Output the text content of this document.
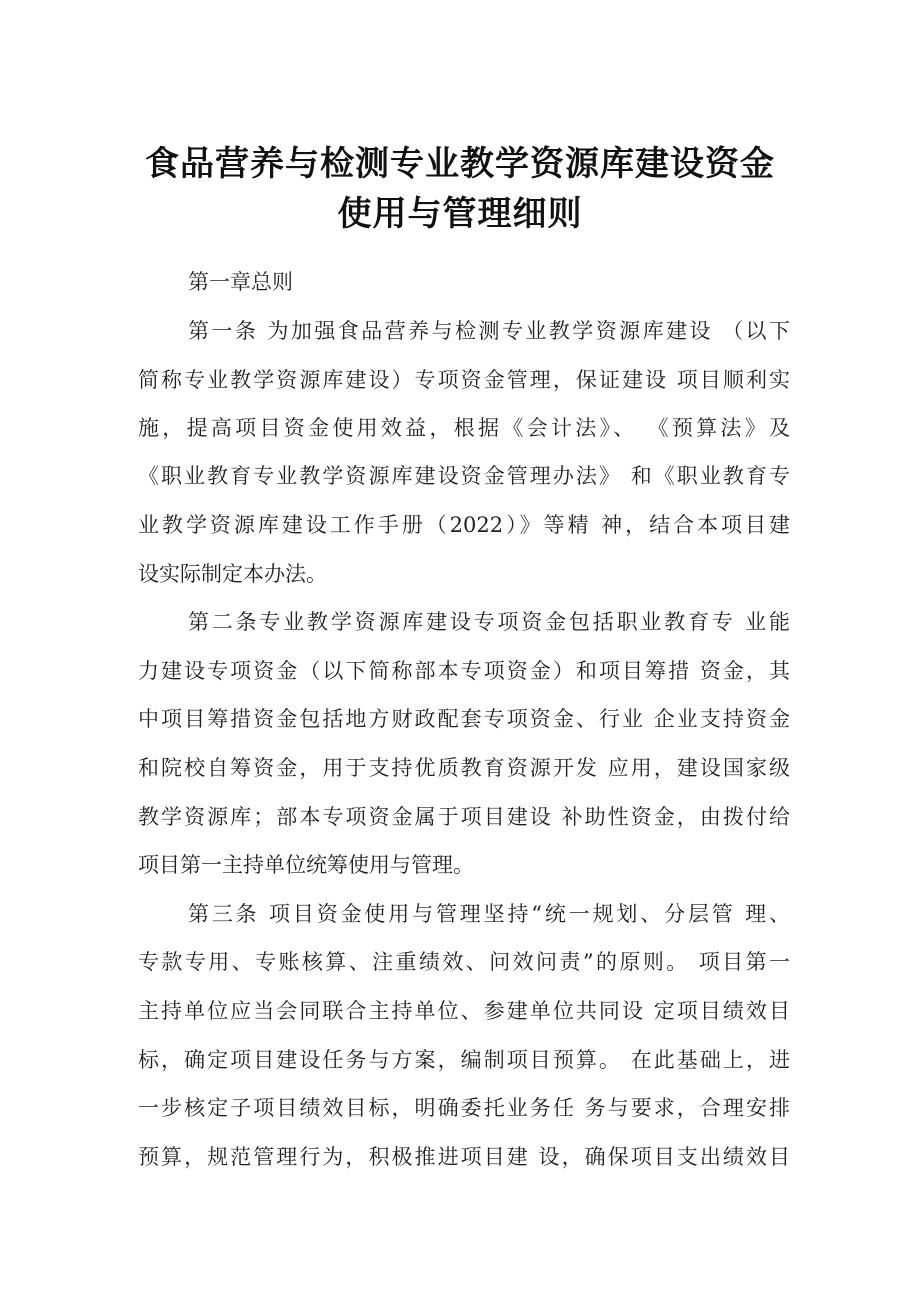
食品营养与检测专业教学资源库建设资金
使用与管理细则
第一章总则
第一条 为加强食品营养与检测专业教学资源库建设 （以下
简称专业教学资源库建设）专项资金管理，保证建设 项目顺利实
施，提高项目资金使用效益，根据《会计法》、 《预算法》及
《职业教育专业教学资源库建设资金管理办法》 和《职业教育专
业教学资源库建设工作手册（2022）》等精 神，结合本项目建
设实际制定本办法。
第二条专业教学资源库建设专项资金包括职业教育专 业能
力建设专项资金（以下简称部本专项资金）和项目筹措 资金，其
中项目筹措资金包括地方财政配套专项资金、行业 企业支持资金
和院校自筹资金，用于支持优质教育资源开发 应用，建设国家级
教学资源库；部本专项资金属于项目建设 补助性资金，由拨付给
项目第一主持单位统筹使用与管理。
第三条 项目资金使用与管理坚持“统一规划、分层管 理、
专款专用、专账核算、注重绩效、问效问责”的原则。 项目第一
主持单位应当会同联合主持单位、参建单位共同设 定项目绩效目
标，确定项目建设任务与方案，编制项目预算。 在此基础上，进
一步核定子项目绩效目标，明确委托业务任 务与要求，合理安排
预算，规范管理行为，积极推进项目建 设，确保项目支出绩效目
